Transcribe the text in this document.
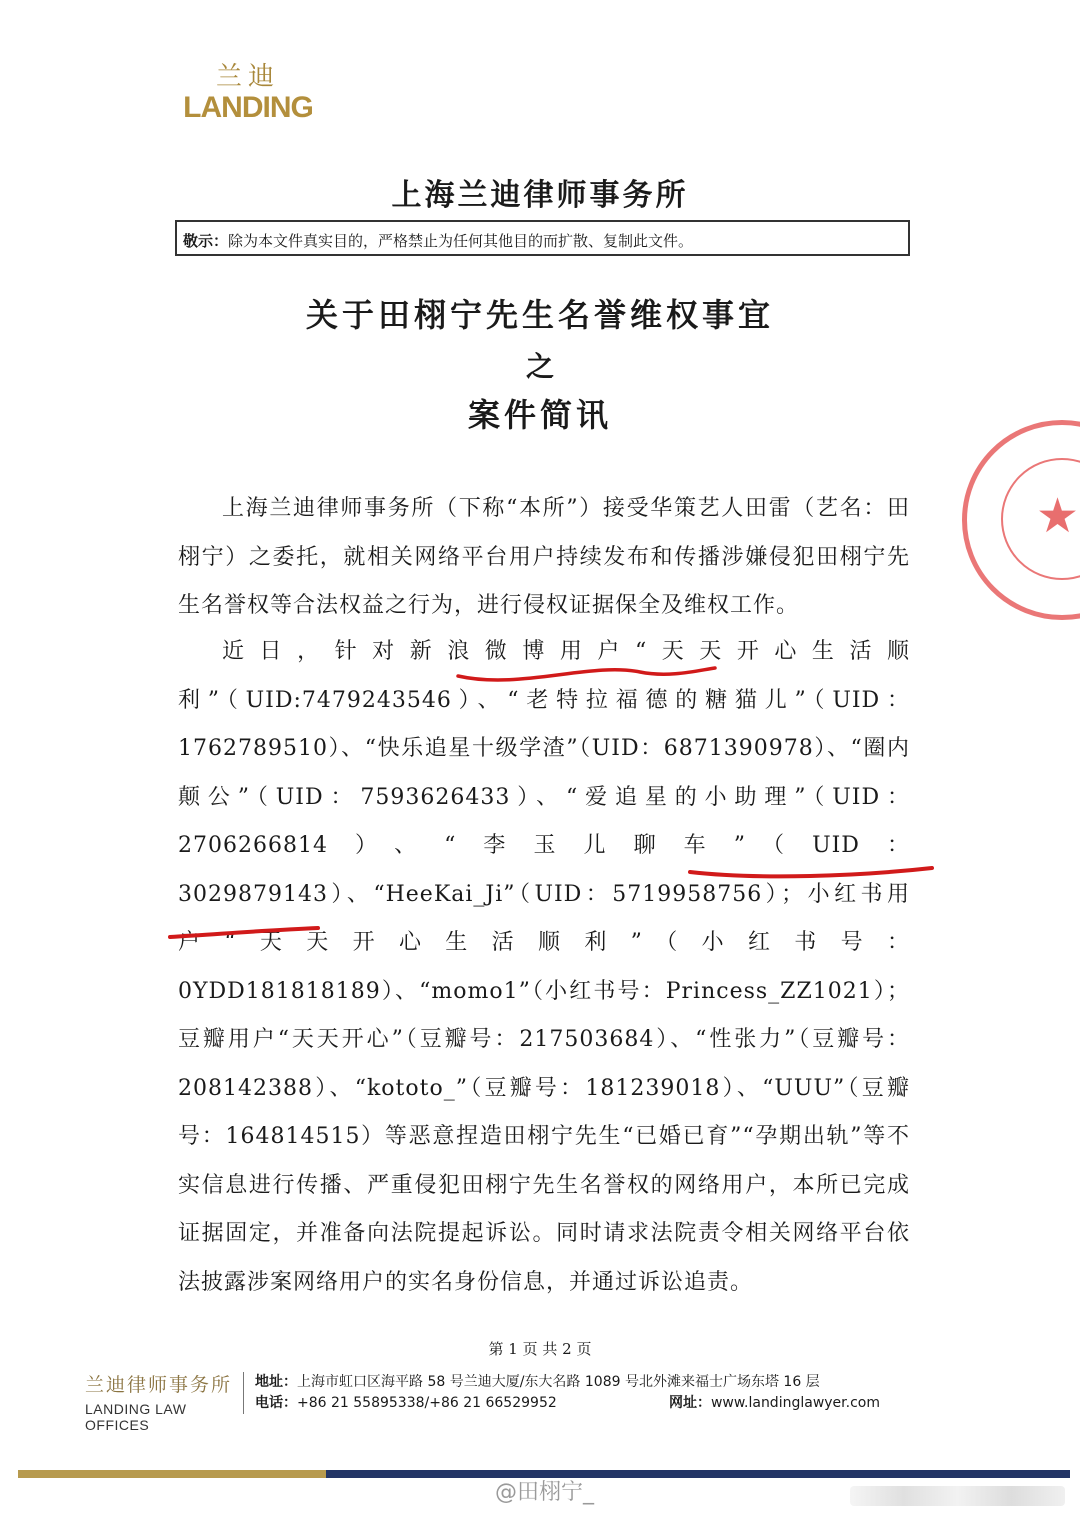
兰迪
LANDING
上海兰迪律师事务所
敬示：除为本文件真实目的，严格禁止为任何其他目的而扩散、复制此文件。
关于田栩宁先生名誉维权事宜
之
案件简讯

上海兰迪律师事务所（下称“本所”）接受华策艺人田雷（艺名：田栩宁）之委托，就相关网络平台用户持续发布和传播涉嫌侵犯田栩宁先生名誉权等合法权益之行为，进行侵权证据保全及维权工作。

近日，针对新浪微博用户“天天开心生活顺利”（UID:7479243546）、“老特拉福德的糖猫儿”（UID：1762789510）、“快乐追星十级学渣”（UID：6871390978）、“圈内颠公”（UID：7593626433）、“爱追星的小助理”（UID：2706266814）、“李玉儿聊车”（UID：3029879143）、“HeeKai_Ji”（UID：5719958756）；小红书用户“天天开心生活顺利”（小红书号：0YDD181818189）、“momo1”（小红书号：Princess_ZZ1021）；豆瓣用户“天天开心”（豆瓣号：217503684）、“性张力”（豆瓣号：208142388）、“kototo_”（豆瓣号：181239018）、“UUU”（豆瓣号：164814515）等恶意捏造田栩宁先生“已婚已育”“孕期出轨”等不实信息进行传播、严重侵犯田栩宁先生名誉权的网络用户，本所已完成证据固定，并准备向法院提起诉讼。同时请求法院责令相关网络平台依法披露涉案网络用户的实名身份信息，并通过诉讼追责。

★
第 1 页 共 2 页
兰迪律师事务所
LANDING LAW OFFICES
地址： 上海市虹口区海平路 58 号兰迪大厦/东大名路 1089 号北外滩来福士广场东塔 16 层
电话： +86 21 55895338/+86 21 66529952	网址： www.landinglawyer.com
@田栩宁_
